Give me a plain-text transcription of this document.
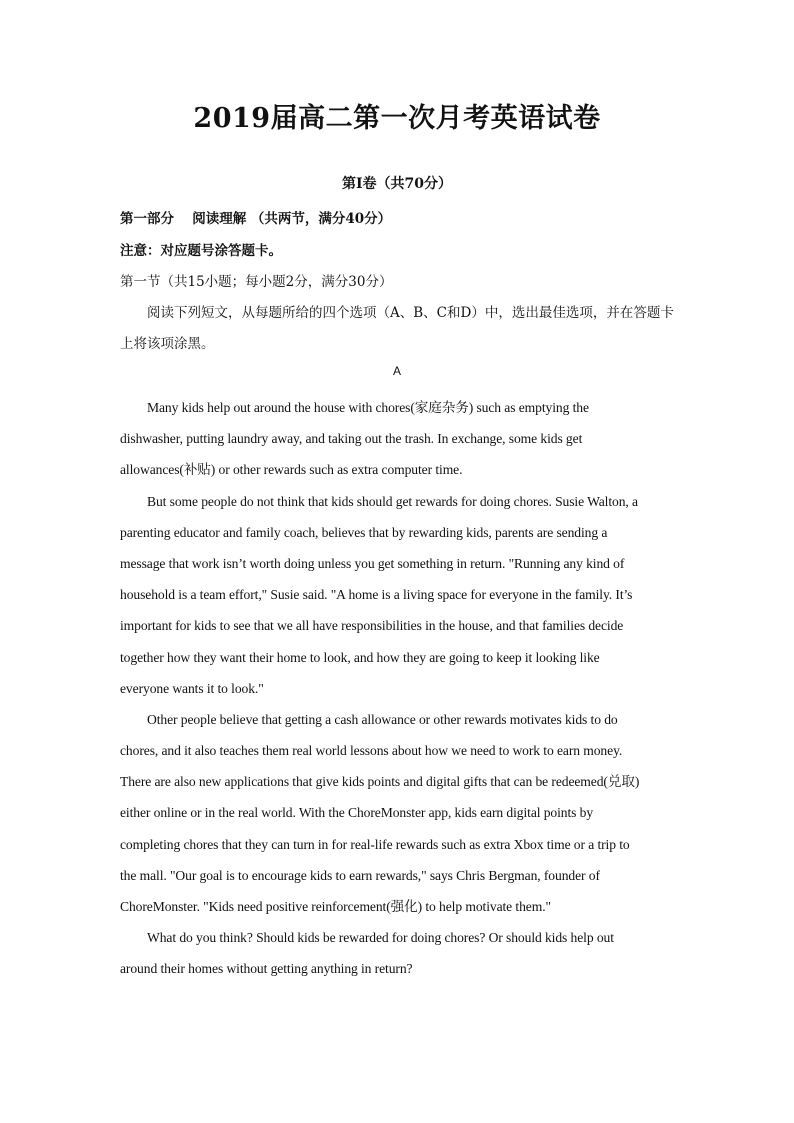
2019届高二第一次月考英语试卷
第I卷（共70分）
第一部分　 阅读理解 （共两节，满分40分）
注意：对应题号涂答题卡。
第一节（共15小题；每小题2分，满分30分）
阅读下列短文，从每题所给的四个选项（A、B、C和D）中，选出最佳选项，并在答题卡
上将该项涂黑。
A
Many kids help out around the house with chores(家庭杂务) such as emptying the
dishwasher, putting laundry away, and taking out the trash. In exchange, some kids get
allowances(补贴) or other rewards such as extra computer time.
But some people do not think that kids should get rewards for doing chores. Susie Walton, a
parenting educator and family coach, believes that by rewarding kids, parents are sending a
message that work isn’t worth doing unless you get something in return. "Running any kind of
household is a team effort," Susie said. "A home is a living space for everyone in the family. It’s
important for kids to see that we all have responsibilities in the house, and that families decide
together how they want their home to look, and how they are going to keep it looking like
everyone wants it to look."
Other people believe that getting a cash allowance or other rewards motivates kids to do
chores, and it also teaches them real world lessons about how we need to work to earn money.
There are also new applications that give kids points and digital gifts that can be redeemed(兑取)
either online or in the real world. With the ChoreMonster app, kids earn digital points by
completing chores that they can turn in for real-life rewards such as extra Xbox time or a trip to
the mall. "Our goal is to encourage kids to earn rewards," says Chris Bergman, founder of
ChoreMonster. "Kids need positive reinforcement(强化) to help motivate them."
What do you think? Should kids be rewarded for doing chores? Or should kids help out
around their homes without getting anything in return?
